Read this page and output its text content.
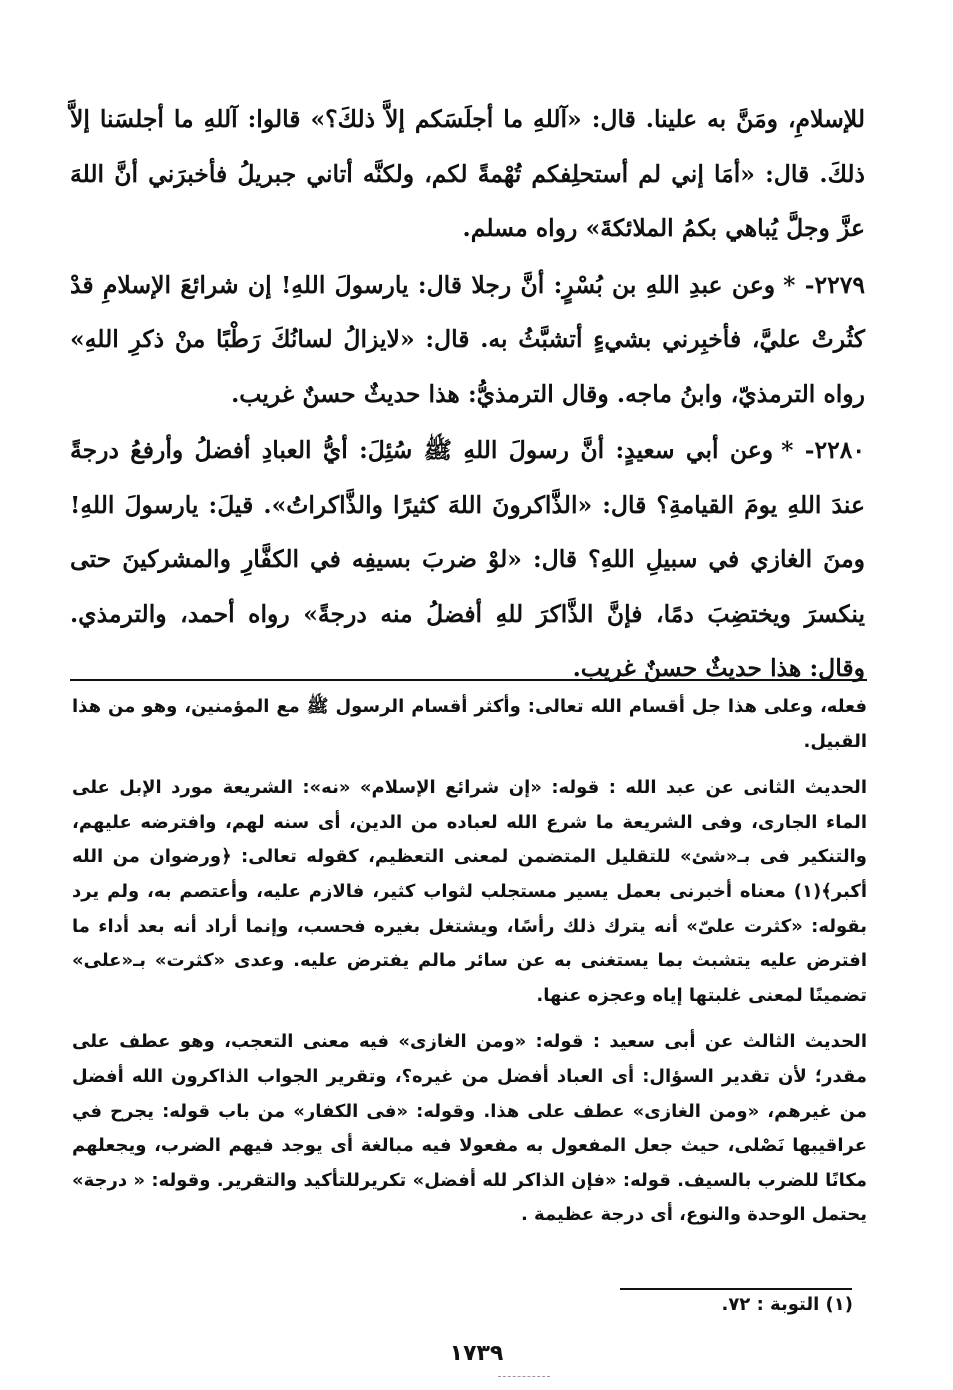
للإسلامِ، ومَنَّ به علينا. قال: «آللهِ ما أجلَسَكم إلاَّ ذلكَ؟» قالوا: آللهِ ما أجلسَنا إلاَّ ذلكَ. قال: «أمَا إني لم أستحلِفكم تُهْمةً لكم، ولكنَّه أتاني جبريلُ فأخبرَني أنَّ اللهَ عزَّ وجلَّ يُباهي بكمُ الملائكةَ» رواه مسلم.

٢٢٧٩- *وعن عبدِ اللهِ بن بُسْرٍ: أنَّ رجلا قال: يارسولَ اللهِ! إن شرائعَ الإسلامِ قدْ كثُرتْ عليَّ، فأخبِرني بشيءٍ أتشبَّثُ به. قال: «لايزالُ لسانُكَ رَطْبًا منْ ذكرِ اللهِ» رواه الترمذيّ، وابنُ ماجه. وقال الترمذيُّ: هذا حديثٌ حسنٌ غريب.

٢٢٨٠- *وعن أبي سعيدٍ: أنَّ رسولَ اللهِ ﷺ سُئِلَ: أيُّ العبادِ أفضلُ وأرفعُ درجةً عندَ اللهِ يومَ القيامةِ؟ قال: «الذَّاكرونَ اللهَ كثيرًا والذَّاكراتُ». قيلَ: يارسولَ اللهِ! ومنَ الغازي في سبيلِ اللهِ؟ قال: «لوْ ضربَ بسيفِه في الكفَّارِ والمشركينَ حتى ينكسرَ ويختضِبَ دمًا، فإنَّ الذَّاكرَ للهِ أفضلُ منه درجةً» رواه أحمد، والترمذي. وقال: هذا حديثٌ حسنٌ غريب.

فعله، وعلى هذا جل أقسام الله تعالى: وأكثر أقسام الرسول ﷺ مع المؤمنين، وهو من هذا القبيل.

الحديث الثانى عن عبد الله : قوله: «إن شرائع الإسلام» «نه»: الشريعة مورد الإبل على الماء الجارى، وفى الشريعة ما شرع الله لعباده من الدين، أى سنه لهم، وافترضه عليهم، والتنكير فى بـ«شئ» للتقليل المتضمن لمعنى التعظيم، كقوله تعالى: ﴿ورضوان من الله أكبر﴾(١) معناه أخبرنى بعمل يسير مستجلب لثواب كثير، فالازم عليه، وأعتصم به، ولم يرد بقوله: «كثرت علىّ» أنه يترك ذلك رأسًا، ويشتغل بغيره فحسب، وإنما أراد أنه بعد أداء ما افترض عليه يتشبث بما يستغنى به عن سائر مالم يفترض عليه. وعدى «كثرت» بـ«على» تضمينًا لمعنى غلبتها إياه وعجزه عنها.

الحديث الثالث عن أبى سعيد : قوله: «ومن الغازى» فيه معنى التعجب، وهو عطف على مقدر؛ لأن تقدير السؤال: أى العباد أفضل من غيره؟، وتقرير الجواب الذاكرون الله أفضل من غيرهم، «ومن الغازى» عطف على هذا. وقوله: «فى الكفار» من باب قوله: يجرح في عراقيبها نَصْلى، حيث جعل المفعول به مفعولا فيه مبالغة أى يوجد فيهم الضرب، ويجعلهم مكانًا للضرب بالسيف. قوله: «فإن الذاكر لله أفضل» تكريرللتأكيد والتقرير. وقوله: « درجة» يحتمل الوحدة والنوع، أى درجة عظيمة .

(١) التوبة : ٧٢.
١٧٣٩
